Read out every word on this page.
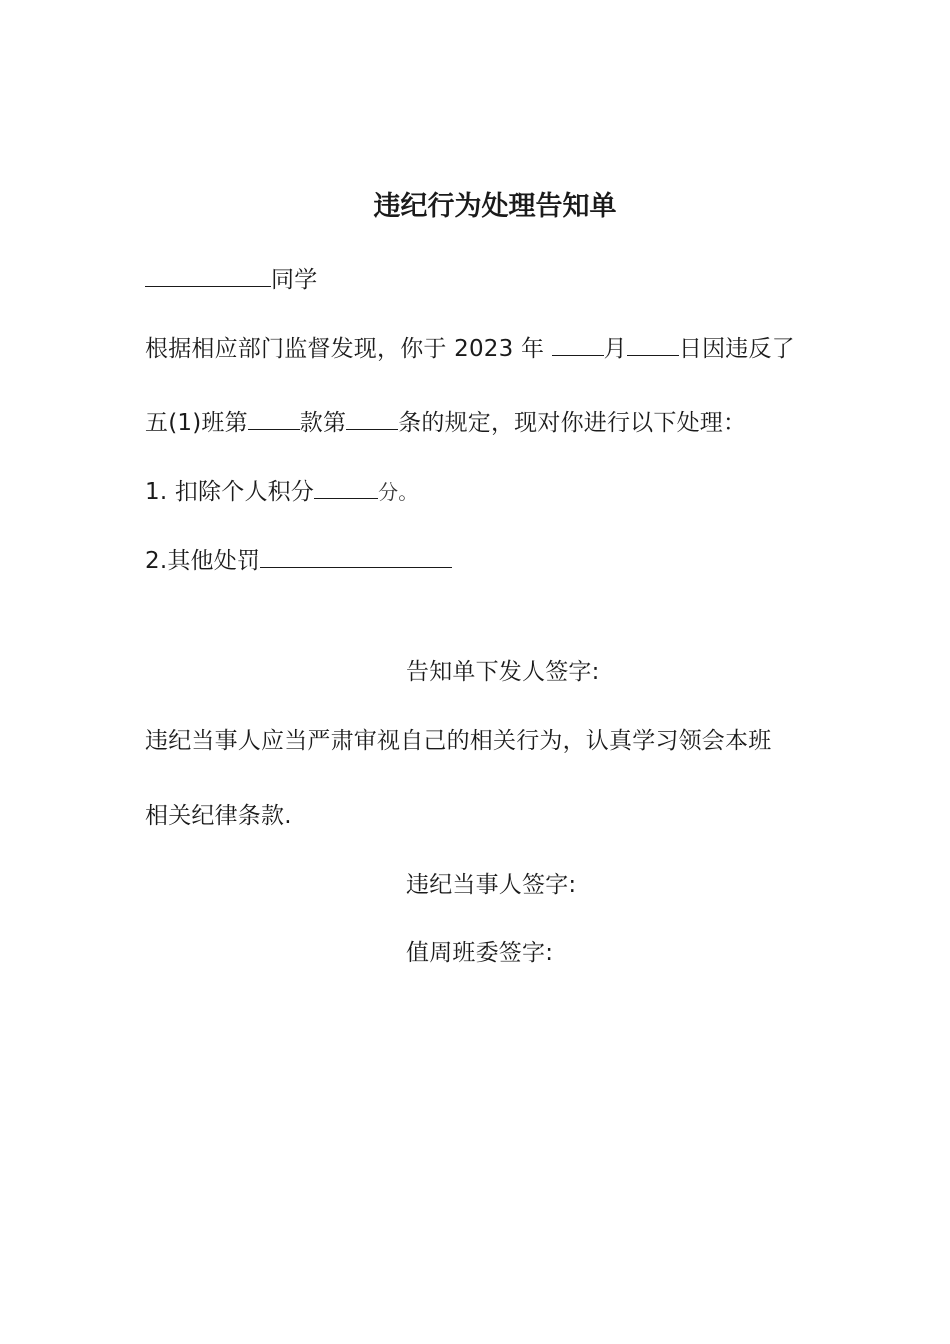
违纪行为处理告知单
同学
根据相应部门监督发现，你于 2023 年	月 日因违反了
五(1)班第 款第 条的规定，现对你进行以下处理：
1. 扣除个人积分	分。
2.其他处罚
告知单下发人签字:
违纪当事人应当严肃审视自己的相关行为，认真学习领会本班
相关纪律条款.
违纪当事人签字:
值周班委签字:
